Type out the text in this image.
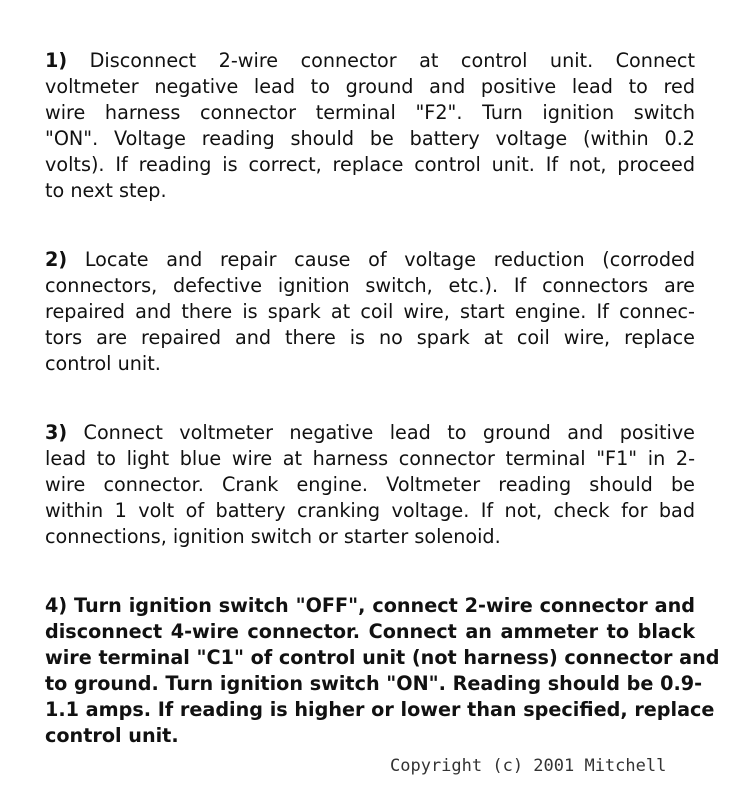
1) Disconnect 2-wire connector at control unit. Connect
voltmeter negative lead to ground and positive lead to red
wire harness connector terminal "F2". Turn ignition switch
"ON". Voltage reading should be battery voltage (within 0.2
volts). If reading is correct, replace control unit. If not, proceed
to next step.
2) Locate and repair cause of voltage reduction (corroded
connectors, defective ignition switch, etc.). If connectors are
repaired and there is spark at coil wire, start engine. If connec-
tors are repaired and there is no spark at coil wire, replace
control unit.
3) Connect voltmeter negative lead to ground and positive
lead to light blue wire at harness connector terminal "F1" in 2-
wire connector. Crank engine. Voltmeter reading should be
within 1 volt of battery cranking voltage. If not, check for bad
connections, ignition switch or starter solenoid.
4) Turn ignition switch "OFF", connect 2-wire connector and
disconnect 4-wire connector. Connect an ammeter to black
wire terminal "C1" of control unit (not harness) connector and
to ground. Turn ignition switch "ON". Reading should be 0.9-
1.1 amps. If reading is higher or lower than specified, replace
control unit.
Copyright (c) 2001 Mitchell
